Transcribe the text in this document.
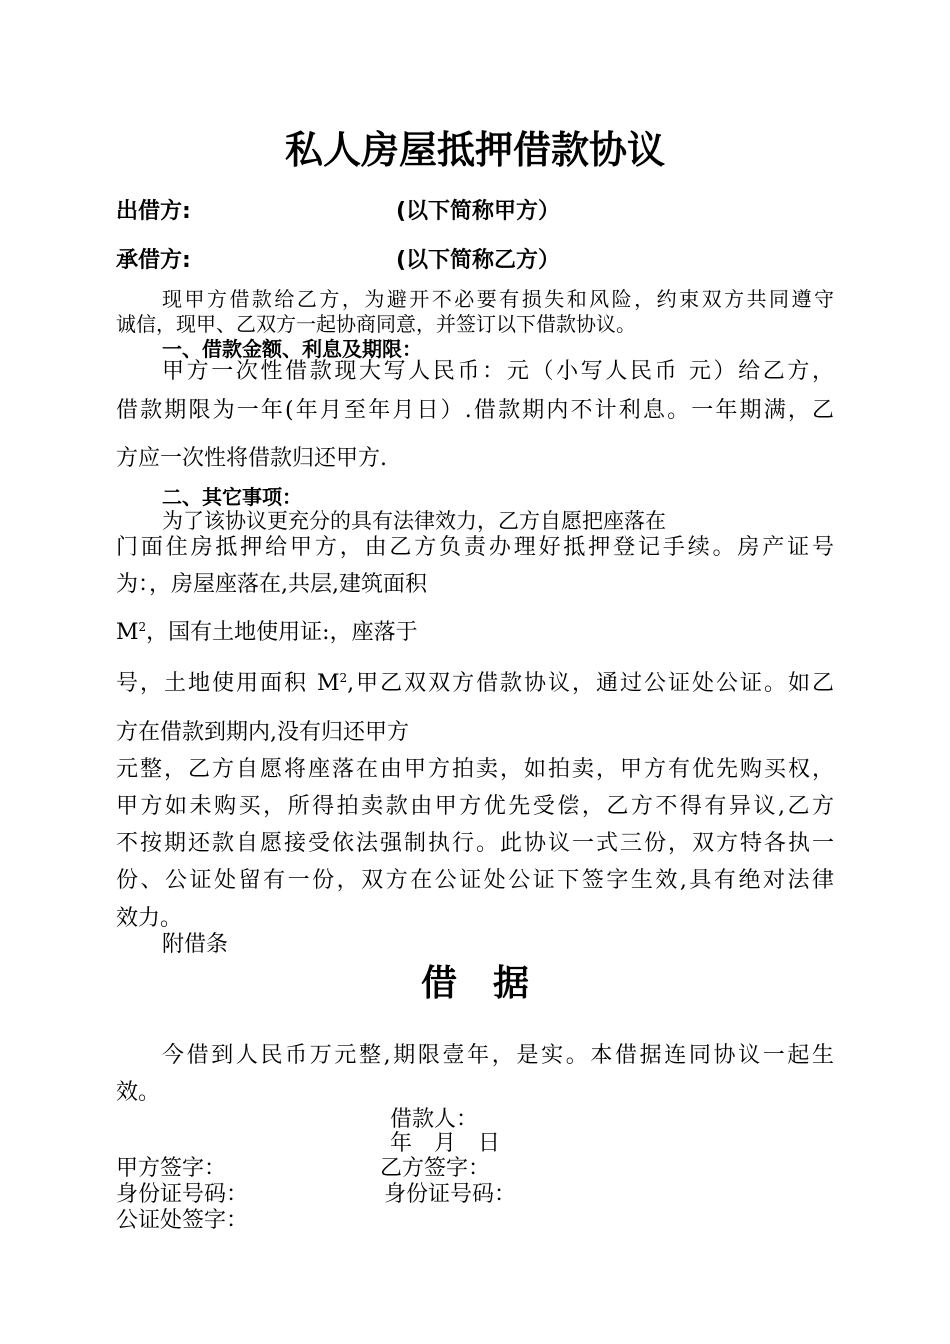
私人房屋抵押借款协议
出借方:	(以下简称甲方）
承借方:	(以下简称乙方）
现甲方借款给乙方，为避开不必要有损失和风险，约束双方共同遵守
诚信，现甲、乙双方一起协商同意，并签订以下借款协议。
一、借款金额、利息及期限：
甲方一次性借款现大写人民币：元（小写人民币 元）给乙方，
借款期限为一年(年月至年月日）.借款期内不计利息。一年期满，乙
方应一次性将借款归还甲方.
二、其它事项：
为了该协议更充分的具有法律效力，乙方自愿把座落在
门面住房抵押给甲方，由乙方负责办理好抵押登记手续。房产证号
为：，房屋座落在,共层,建筑面积
$M^2$，国有土地使用证:，座落于
号，土地使用面积 $M^2$,甲乙双双方借款协议，通过公证处公证。如乙
方在借款到期内,没有归还甲方
元整，乙方自愿将座落在由甲方拍卖，如拍卖，甲方有优先购买权，
甲方如未购买，所得拍卖款由甲方优先受偿，乙方不得有异议,乙方
不按期还款自愿接受依法强制执行。此协议一式三份，双方特各执一
份、公证处留有一份，双方在公证处公证下签字生效,具有绝对法律
效力。
附借条
借据
今借到人民币万元整,期限壹年，是实。本借据连同协议一起生
效。
借款人：
年　月　日
甲方签字：	乙方签字：
身份证号码：	身份证号码：
公证处签字：
